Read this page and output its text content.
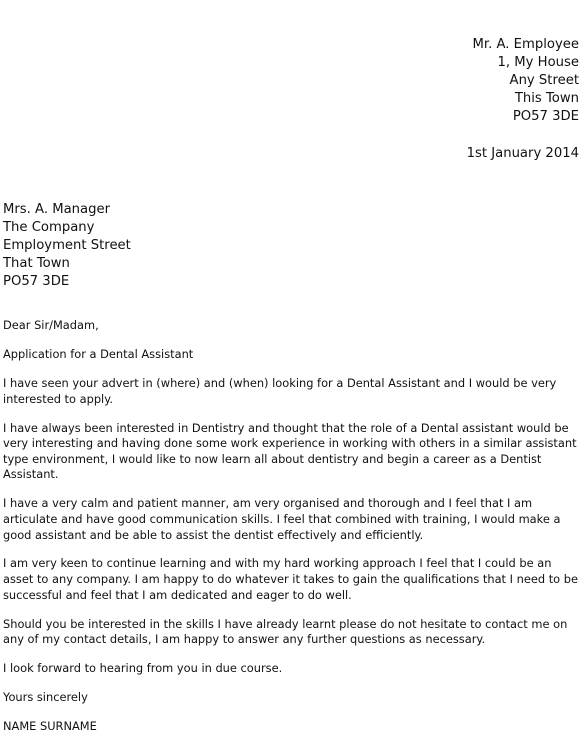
Mr. A. Employee
1, My House
Any Street
This Town
PO57 3DE
1st January 2014
Mrs. A. Manager
The Company
Employment Street
That Town
PO57 3DE

Dear Sir/Madam,

Application for a Dental Assistant

I have seen your advert in (where) and (when) looking for a Dental Assistant and I would be very interested to apply.

I have always been interested in Dentistry and thought that the role of a Dental assistant would be very interesting and having done some work experience in working with others in a similar assistant type environment, I would like to now learn all about dentistry and begin a career as a Dentist Assistant.

I have a very calm and patient manner, am very organised and thorough and I feel that I am articulate and have good communication skills. I feel that combined with training, I would make a good assistant and be able to assist the dentist effectively and efficiently.

I am very keen to continue learning and with my hard working approach I feel that I could be an asset to any company. I am happy to do whatever it takes to gain the qualifications that I need to be successful and feel that I am dedicated and eager to do well.

Should you be interested in the skills I have already learnt please do not hesitate to contact me on any of my contact details, I am happy to answer any further questions as necessary.

I look forward to hearing from you in due course.

Yours sincerely

NAME SURNAME
